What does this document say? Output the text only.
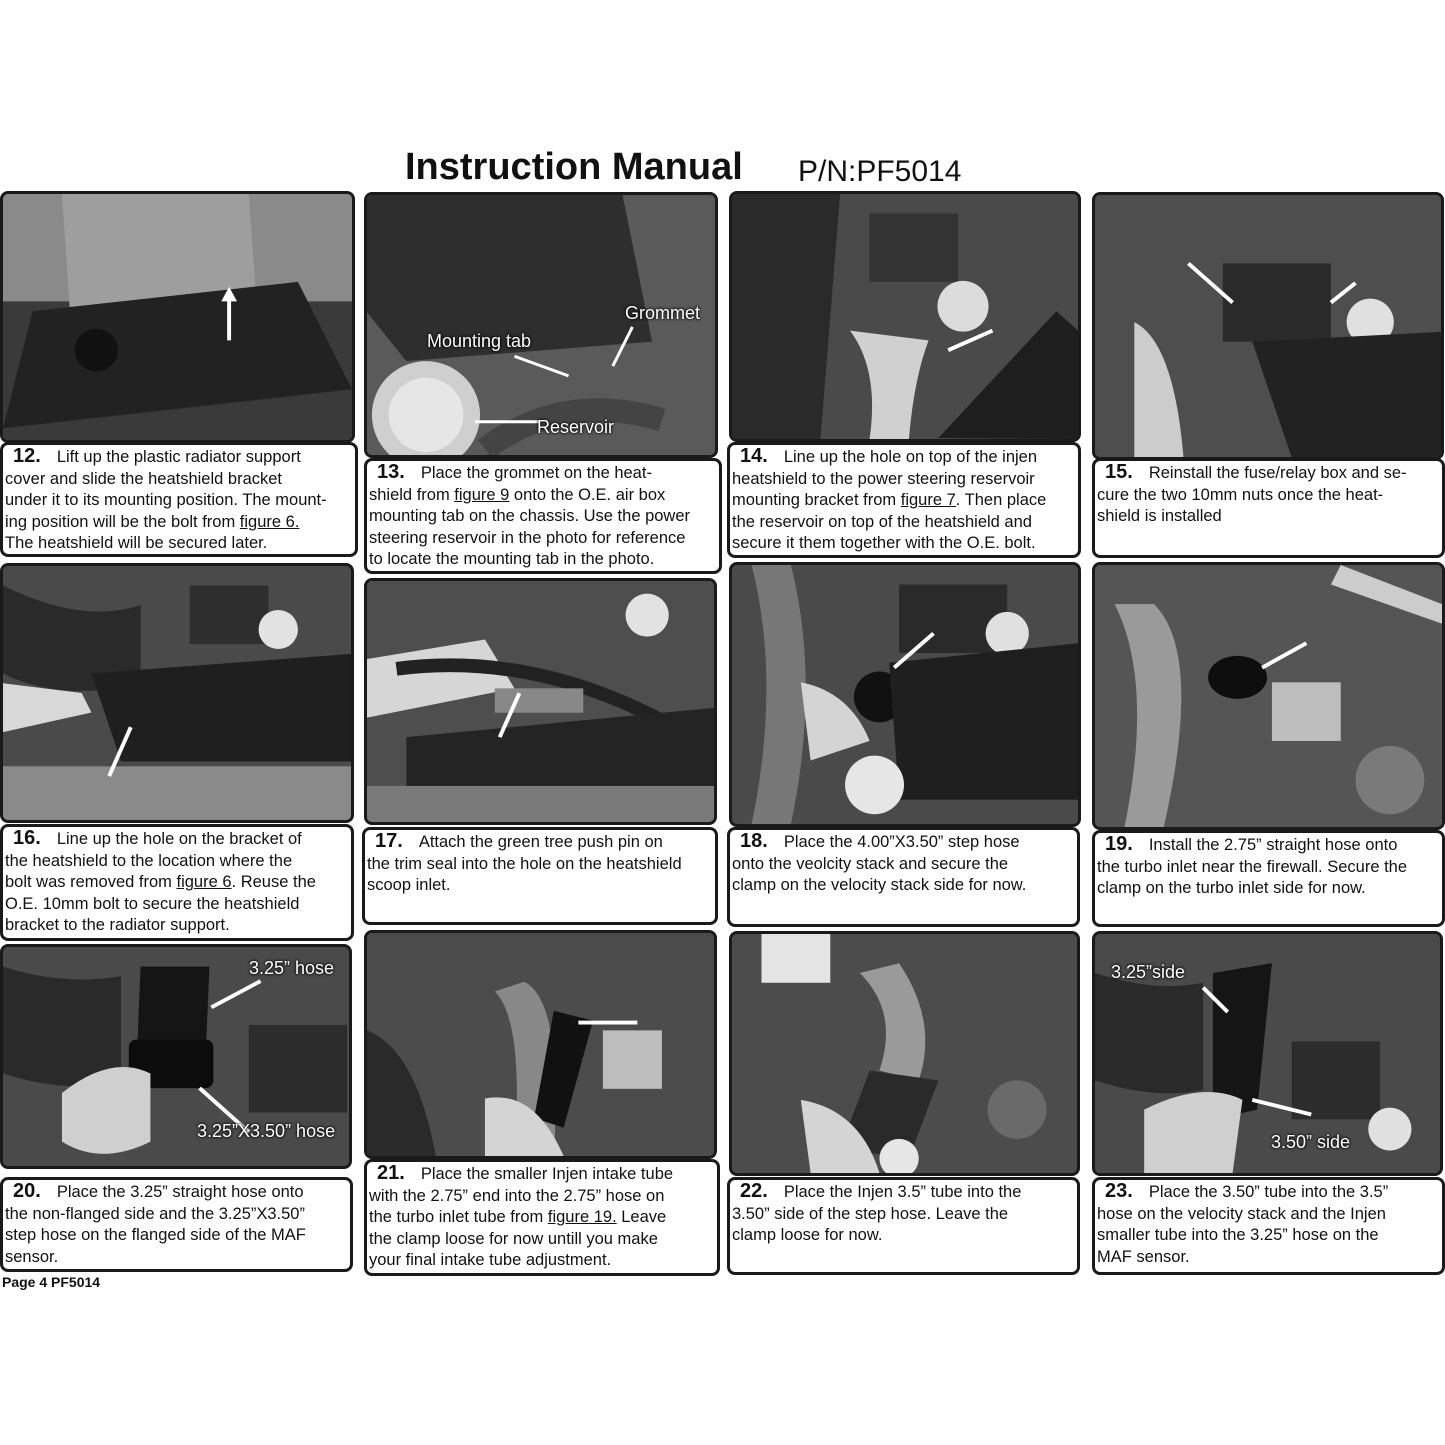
Instruction Manual P/N:PF5014
Mounting tab
Grommet
Reservoir
12. Lift up the plastic radiator support
cover and slide the heatshield bracket
under it to its mounting position. The mount-
ing position will be the bolt from figure 6.
The heatshield will be secured later.
13. Place the grommet on the heat-
shield from figure 9 onto the O.E. air box
mounting tab on the chassis. Use the power
steering reservoir in the photo for reference
to locate the mounting tab in the photo.
14. Line up the hole on top of the injen
heatshield to the power steering reservoir
mounting bracket from figure 7. Then place
the reservoir on top of the heatshield and
secure it them together with the O.E. bolt.
15. Reinstall the fuse/relay box and se-
cure the two 10mm nuts once the heat-
shield is installed
16. Line up the hole on the bracket of
the heatshield to the location where the
bolt was removed from figure 6. Reuse the
O.E. 10mm bolt to secure the heatshield
bracket to the radiator support.
17. Attach the green tree push pin on
the trim seal into the hole on the heatshield
scoop inlet.
18. Place the 4.00”X3.50” step hose
onto the veolcity stack and secure the
clamp on the velocity stack side for now.
19. Install the 2.75” straight hose onto
the turbo inlet near the firewall. Secure the
clamp on the turbo inlet side for now.
3.25” hose
3.25”X3.50” hose
3.25”side
3.50” side
20. Place the 3.25” straight hose onto
the non-flanged side and the 3.25”X3.50”
step hose on the flanged side of the MAF
sensor.
21. Place the smaller Injen intake tube
with the 2.75” end into the 2.75” hose on
the turbo inlet tube from figure 19. Leave
the clamp loose for now untill you make
your final intake tube adjustment.
22. Place the Injen 3.5” tube into the
3.50” side of the step hose. Leave the
clamp loose for now.
23. Place the 3.50” tube into the 3.5”
hose on the velocity stack and the Injen
smaller tube into the 3.25” hose on the
MAF sensor.
Page 4 PF5014
